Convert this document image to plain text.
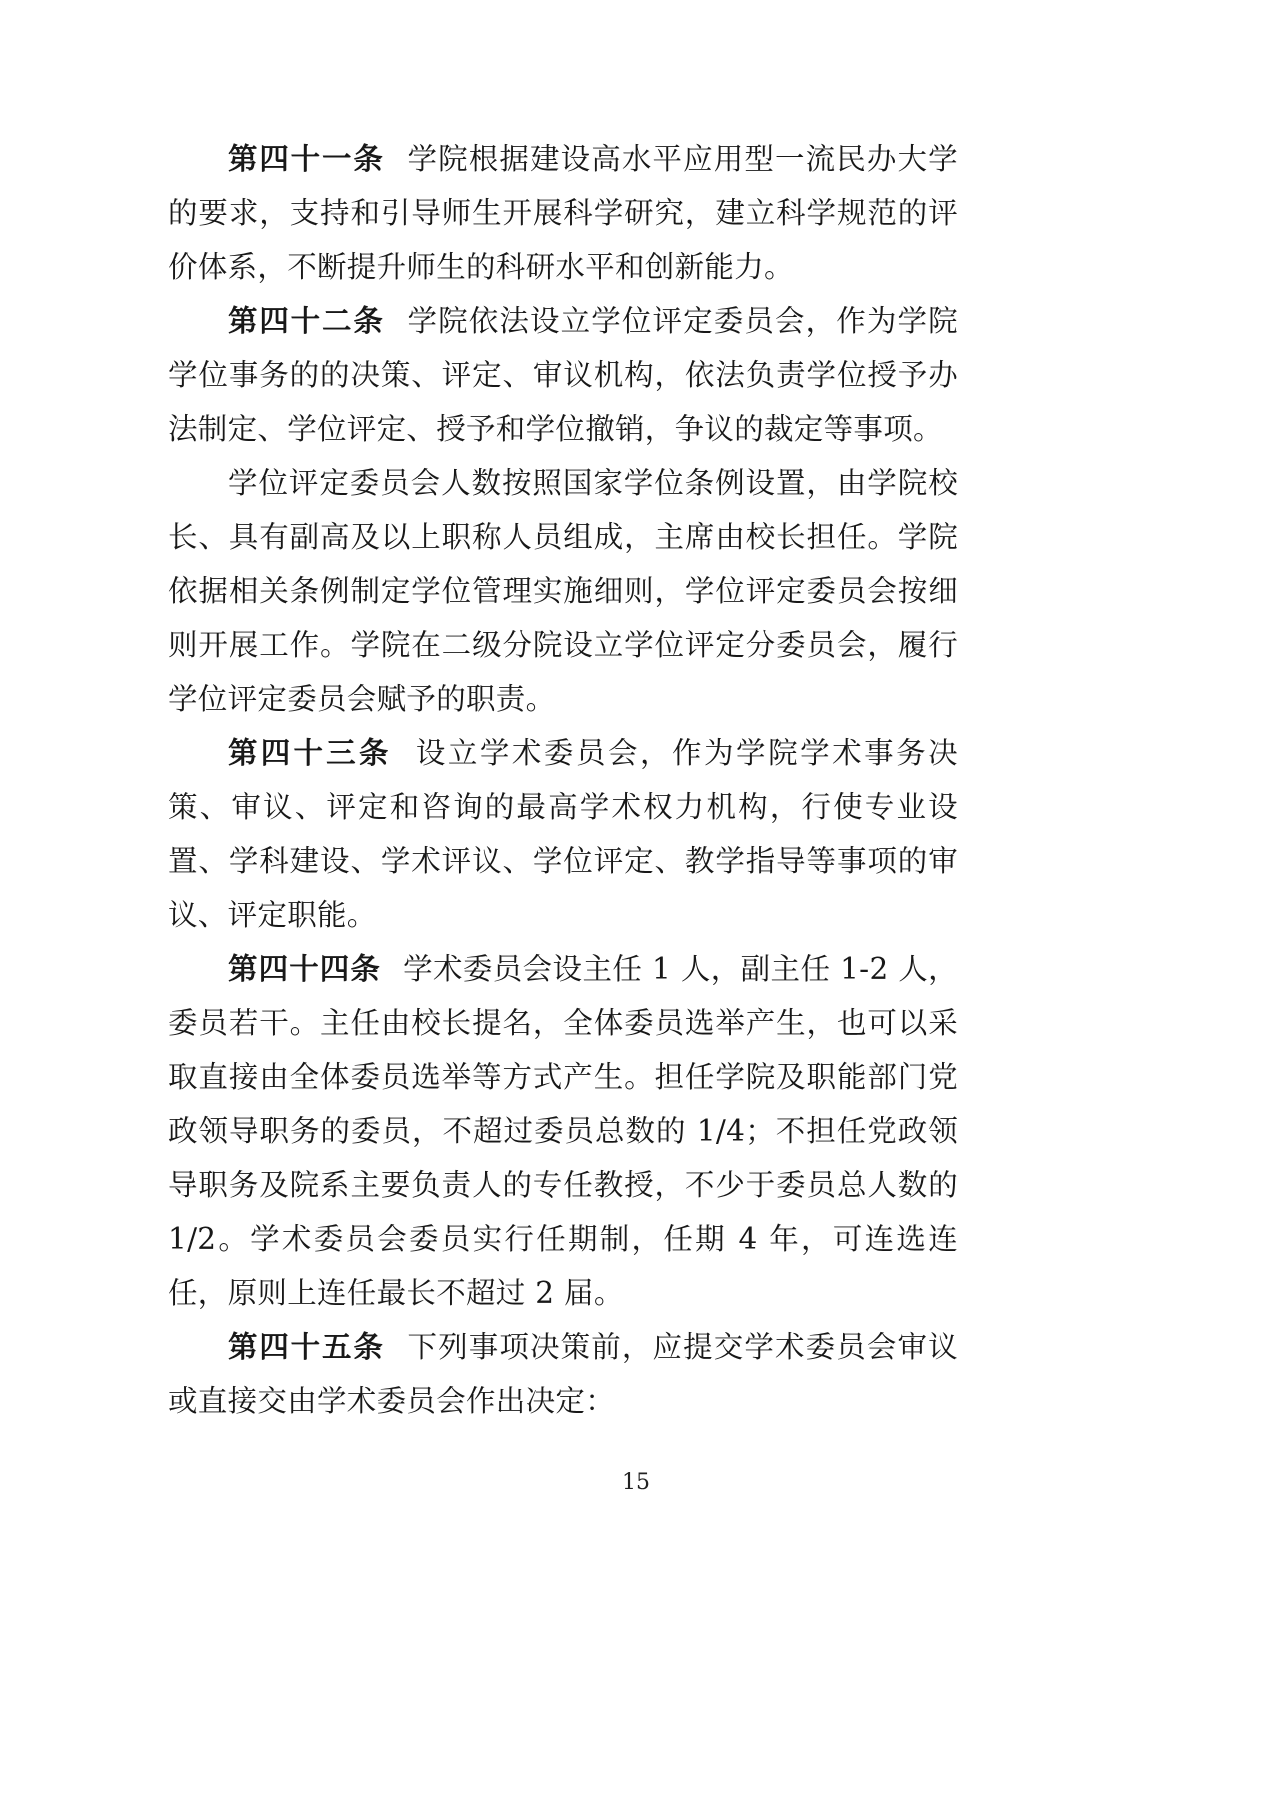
第四十一条 学院根据建设高水平应用型一流民办大学的要求，支持和引导师生开展科学研究，建立科学规范的评价体系，不断提升师生的科研水平和创新能力。

第四十二条 学院依法设立学位评定委员会，作为学院学位事务的的决策、评定、审议机构，依法负责学位授予办法制定、学位评定、授予和学位撤销，争议的裁定等事项。

学位评定委员会人数按照国家学位条例设置，由学院校长、具有副高及以上职称人员组成，主席由校长担任。学院依据相关条例制定学位管理实施细则，学位评定委员会按细则开展工作。学院在二级分院设立学位评定分委员会，履行学位评定委员会赋予的职责。

第四十三条 设立学术委员会，作为学院学术事务决策、审议、评定和咨询的最高学术权力机构，行使专业设置、学科建设、学术评议、学位评定、教学指导等事项的审议、评定职能。

第四十四条 学术委员会设主任 1 人，副主任 1-2 人，委员若干。主任由校长提名，全体委员选举产生，也可以采取直接由全体委员选举等方式产生。担任学院及职能部门党政领导职务的委员，不超过委员总数的 1/4；不担任党政领导职务及院系主要负责人的专任教授，不少于委员总人数的 1/2。学术委员会委员实行任期制，任期 4 年，可连选连任，原则上连任最长不超过 2 届。

第四十五条 下列事项决策前，应提交学术委员会审议或直接交由学术委员会作出决定：

15
